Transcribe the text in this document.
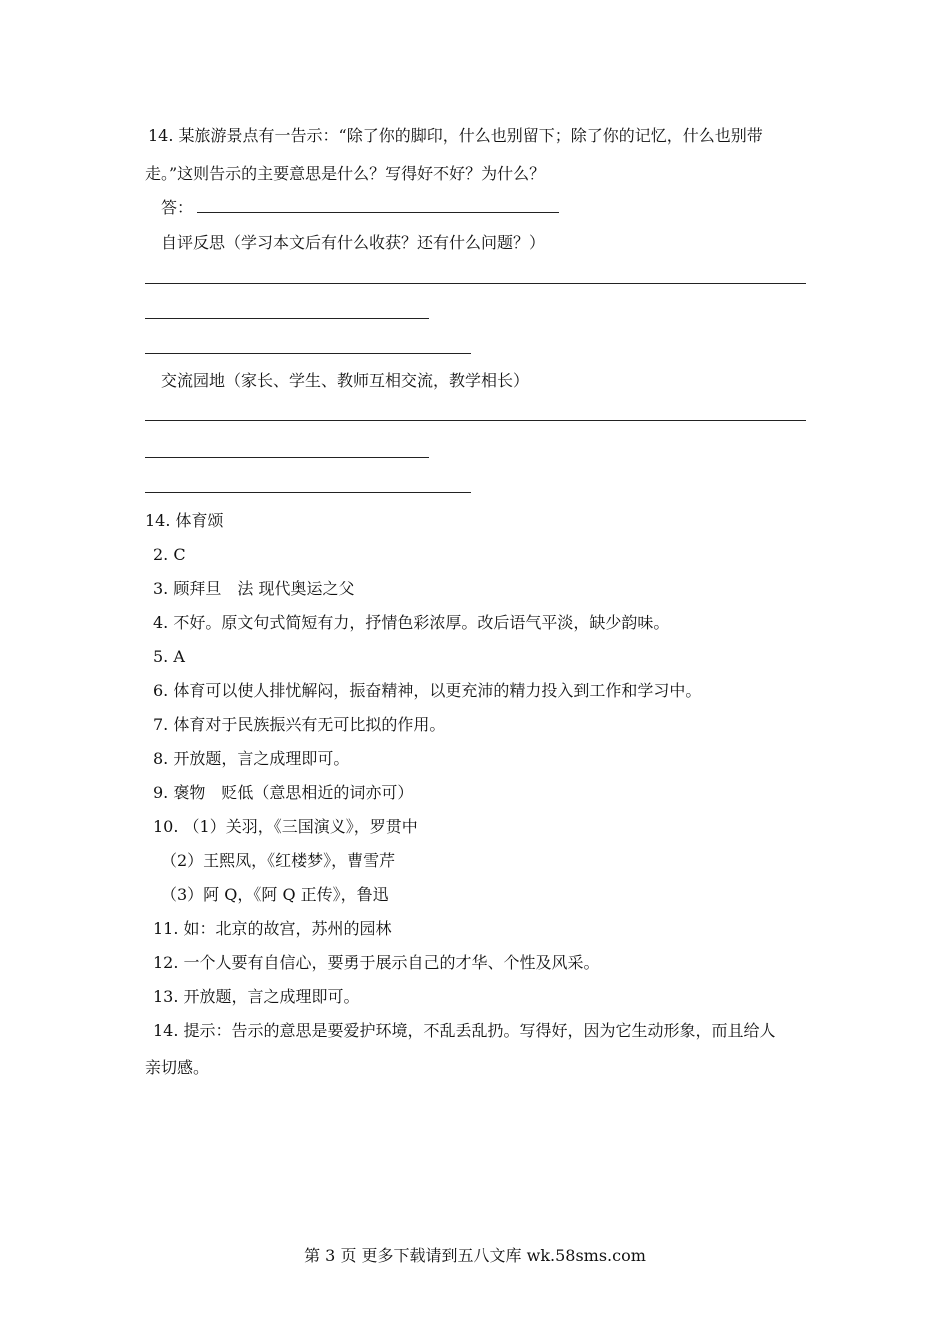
14. 某旅游景点有一告示：“除了你的脚印，什么也别留下；除了你的记忆，什么也别带
走。”这则告示的主要意思是什么？写得好不好？为什么？
答：
自评反思（学习本文后有什么收获？还有什么问题？）
交流园地（家长、学生、教师互相交流，教学相长）
14. 体育颂
2. C
3. 顾拜旦　法 现代奥运之父
4. 不好。原文句式简短有力，抒情色彩浓厚。改后语气平淡，缺少韵味。
5. A
6. 体育可以使人排忧解闷，振奋精神，以更充沛的精力投入到工作和学习中。
7. 体育对于民族振兴有无可比拟的作用。
8. 开放题，言之成理即可。
9. 褒物　贬低（意思相近的词亦可）
10. （1）关羽，《三国演义》，罗贯中
（2）王熙凤，《红楼梦》，曹雪芹
（3）阿 Q，《阿 Q 正传》，鲁迅
11. 如：北京的故宫，苏州的园林
12. 一个人要有自信心，要勇于展示自己的才华、个性及风采。
13. 开放题，言之成理即可。
14. 提示：告示的意思是要爱护环境，不乱丢乱扔。写得好，因为它生动形象，而且给人
亲切感。
第 3 页 更多下载请到五八文库 wk.58sms.com
